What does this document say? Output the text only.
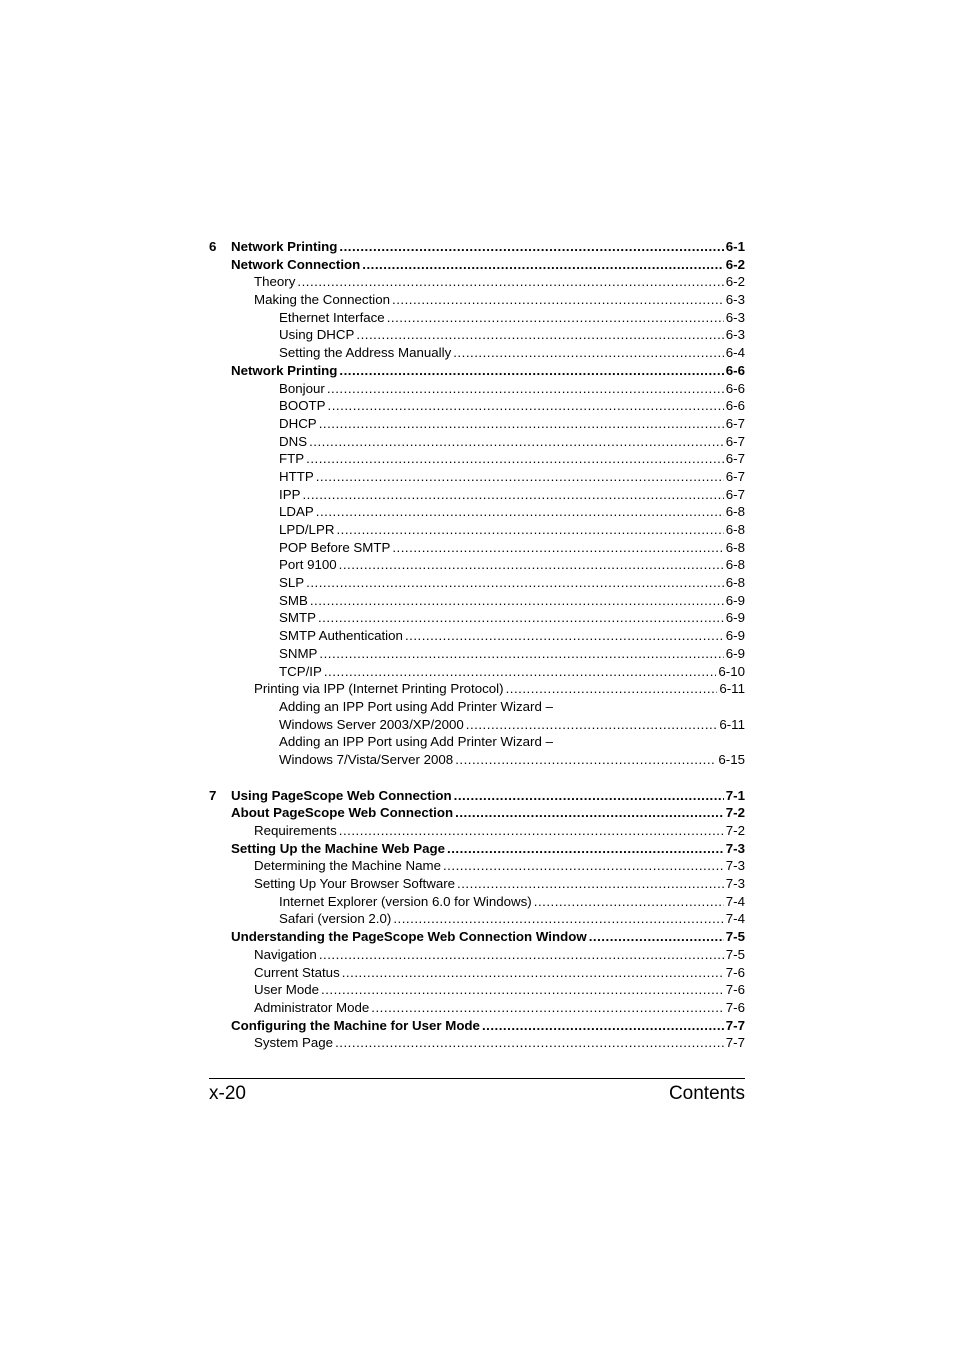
6 Network Printing .....	6-1
Network Connection .....	6-2
Theory .....	6-2
Making the Connection .....	6-3
Ethernet Interface .....	6-3
Using DHCP .....	6-3
Setting the Address Manually .....	6-4
Network Printing .....	6-6
Bonjour .....	6-6
BOOTP .....	6-6
DHCP .....	6-7
DNS .....	6-7
FTP .....	6-7
HTTP .....	6-7
IPP .....	6-7
LDAP .....	6-8
LPD/LPR .....	6-8
POP Before SMTP .....	6-8
Port 9100 .....	6-8
SLP .....	6-8
SMB .....	6-9
SMTP .....	6-9
SMTP Authentication .....	6-9
SNMP .....	6-9
TCP/IP .....	6-10
Printing via IPP (Internet Printing Protocol) .....	6-11
Adding an IPP Port using Add Printer Wizard –
Windows Server 2003/XP/2000 .....	6-11
Adding an IPP Port using Add Printer Wizard –
Windows 7/Vista/Server 2008 .....	6-15
7 Using PageScope Web Connection .....	7-1
About PageScope Web Connection .....	7-2
Requirements .....	7-2
Setting Up the Machine Web Page .....	7-3
Determining the Machine Name .....	7-3
Setting Up Your Browser Software .....	7-3
Internet Explorer (version 6.0 for Windows) .....	7-4
Safari (version 2.0) .....	7-4
Understanding the PageScope Web Connection Window .....	7-5
Navigation .....	7-5
Current Status .....	7-6
User Mode .....	7-6
Administrator Mode .....	7-6
Configuring the Machine for User Mode .....	7-7
System Page .....	7-7
x-20	Contents
